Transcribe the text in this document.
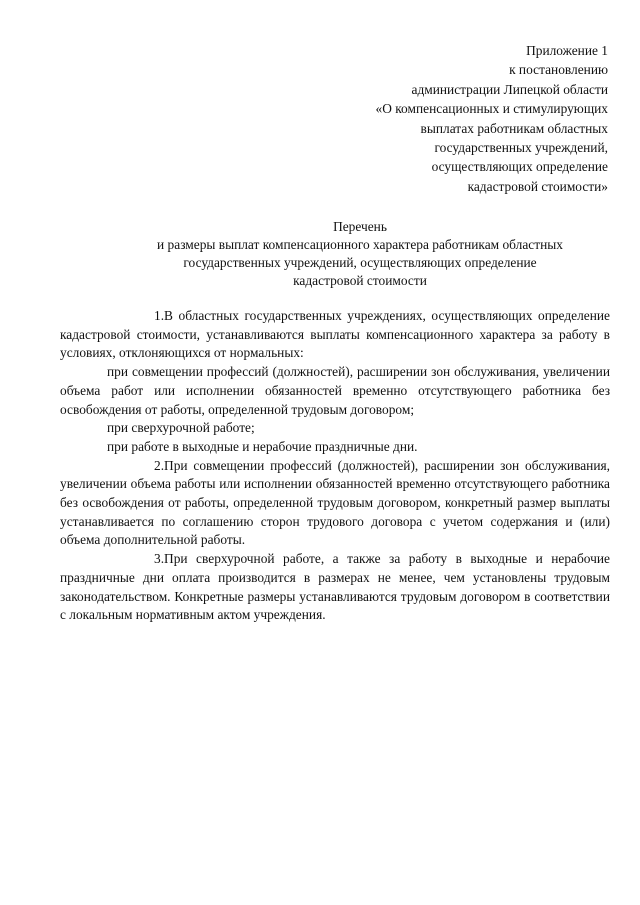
Приложение 1
к постановлению
администрации Липецкой области
«О компенсационных и стимулирующих
выплатах работникам областных
государственных учреждений,
осуществляющих определение
кадастровой стоимости»
Перечень
и размеры выплат компенсационного характера работникам областных
государственных учреждений, осуществляющих определение
кадастровой стоимости

1.В областных государственных учреждениях, осуществляющих определение кадастровой стоимости, устанавливаются выплаты компенсационного характера за работу в условиях, отклоняющихся от нормальных:

при совмещении профессий (должностей), расширении зон обслуживания, увеличении объема работ или исполнении обязанностей временно отсутствующего работника без освобождения от работы, определенной трудовым договором;

при сверхурочной работе;

при работе в выходные и нерабочие праздничные дни.

2.При совмещении профессий (должностей), расширении зон обслуживания, увеличении объема работы или исполнении обязанностей временно отсутствующего работника без освобождения от работы, определенной трудовым договором, конкретный размер выплаты устанавливается по соглашению сторон трудового договора с учетом содержания и (или) объема дополнительной работы.

3.При сверхурочной работе, а также за работу в выходные и нерабочие праздничные дни оплата производится в размерах не менее, чем установлены трудовым законодательством. Конкретные размеры устанавливаются трудовым договором в соответствии с локальным нормативным актом учреждения.
